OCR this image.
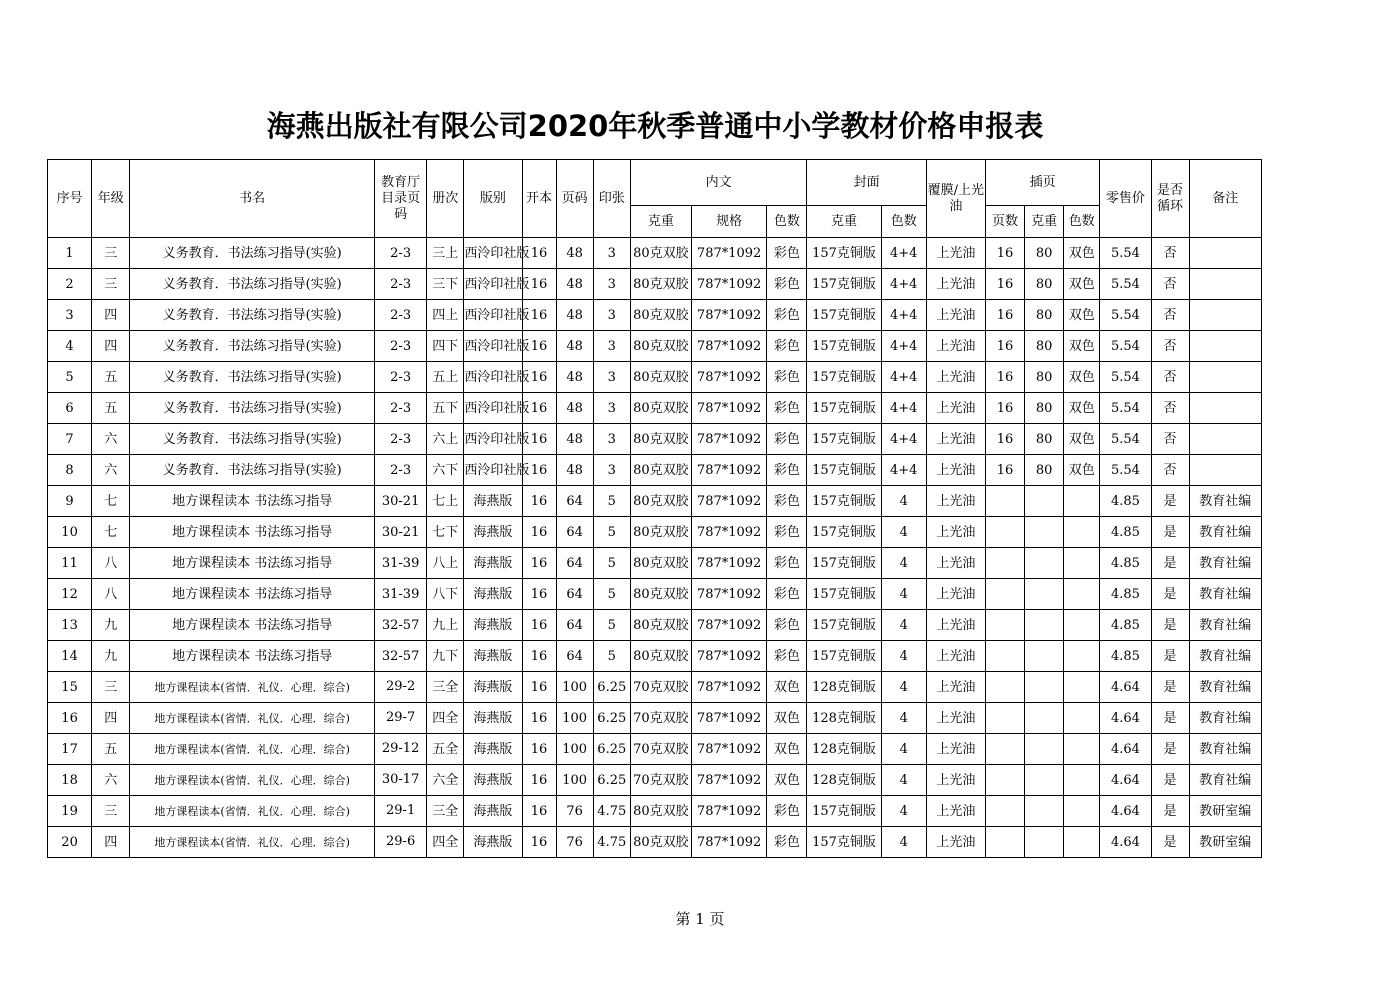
海燕出版社有限公司2020年秋季普通中小学教材价格申报表
序号	年级	书名	教育厅目录页码	册次	版别	开本	页码	印张	内文			封面		覆膜/上光油	插页			零售价	是否循环	备注
									克重	规格	色数	克重	色数		页数	克重	色数			
1	三	义务教育．书法练习指导(实验)	2-3	三上	西泠印社版	16	48	3	80克双胶	787*1092	彩色	157克铜版	4+4	上光油	16	80	双色	5.54	否	
2	三	义务教育．书法练习指导(实验)	2-3	三下	西泠印社版	16	48	3	80克双胶	787*1092	彩色	157克铜版	4+4	上光油	16	80	双色	5.54	否	
3	四	义务教育．书法练习指导(实验)	2-3	四上	西泠印社版	16	48	3	80克双胶	787*1092	彩色	157克铜版	4+4	上光油	16	80	双色	5.54	否	
4	四	义务教育．书法练习指导(实验)	2-3	四下	西泠印社版	16	48	3	80克双胶	787*1092	彩色	157克铜版	4+4	上光油	16	80	双色	5.54	否	
5	五	义务教育．书法练习指导(实验)	2-3	五上	西泠印社版	16	48	3	80克双胶	787*1092	彩色	157克铜版	4+4	上光油	16	80	双色	5.54	否	
6	五	义务教育．书法练习指导(实验)	2-3	五下	西泠印社版	16	48	3	80克双胶	787*1092	彩色	157克铜版	4+4	上光油	16	80	双色	5.54	否	
7	六	义务教育．书法练习指导(实验)	2-3	六上	西泠印社版	16	48	3	80克双胶	787*1092	彩色	157克铜版	4+4	上光油	16	80	双色	5.54	否	
8	六	义务教育．书法练习指导(实验)	2-3	六下	西泠印社版	16	48	3	80克双胶	787*1092	彩色	157克铜版	4+4	上光油	16	80	双色	5.54	否	
9	七	地方课程读本 书法练习指导	30-21	七上	海燕版	16	64	5	80克双胶	787*1092	彩色	157克铜版	4	上光油				4.85	是	教育社编
10	七	地方课程读本 书法练习指导	30-21	七下	海燕版	16	64	5	80克双胶	787*1092	彩色	157克铜版	4	上光油				4.85	是	教育社编
11	八	地方课程读本 书法练习指导	31-39	八上	海燕版	16	64	5	80克双胶	787*1092	彩色	157克铜版	4	上光油				4.85	是	教育社编
12	八	地方课程读本 书法练习指导	31-39	八下	海燕版	16	64	5	80克双胶	787*1092	彩色	157克铜版	4	上光油				4.85	是	教育社编
13	九	地方课程读本 书法练习指导	32-57	九上	海燕版	16	64	5	80克双胶	787*1092	彩色	157克铜版	4	上光油				4.85	是	教育社编
14	九	地方课程读本 书法练习指导	32-57	九下	海燕版	16	64	5	80克双胶	787*1092	彩色	157克铜版	4	上光油				4.85	是	教育社编
15	三	地方课程读本(省情．礼仪．心理．综合)	29-2	三全	海燕版	16	100	6.25	70克双胶	787*1092	双色	128克铜版	4	上光油				4.64	是	教育社编
16	四	地方课程读本(省情．礼仪．心理．综合)	29-7	四全	海燕版	16	100	6.25	70克双胶	787*1092	双色	128克铜版	4	上光油				4.64	是	教育社编
17	五	地方课程读本(省情．礼仪．心理．综合)	29-12	五全	海燕版	16	100	6.25	70克双胶	787*1092	双色	128克铜版	4	上光油				4.64	是	教育社编
18	六	地方课程读本(省情．礼仪．心理．综合)	30-17	六全	海燕版	16	100	6.25	70克双胶	787*1092	双色	128克铜版	4	上光油				4.64	是	教育社编
19	三	地方课程读本(省情．礼仪．心理．综合)	29-1	三全	海燕版	16	76	4.75	80克双胶	787*1092	彩色	157克铜版	4	上光油				4.64	是	教研室编
20	四	地方课程读本(省情．礼仪．心理．综合)	29-6	四全	海燕版	16	76	4.75	80克双胶	787*1092	彩色	157克铜版	4	上光油				4.64	是	教研室编
第 1 页
